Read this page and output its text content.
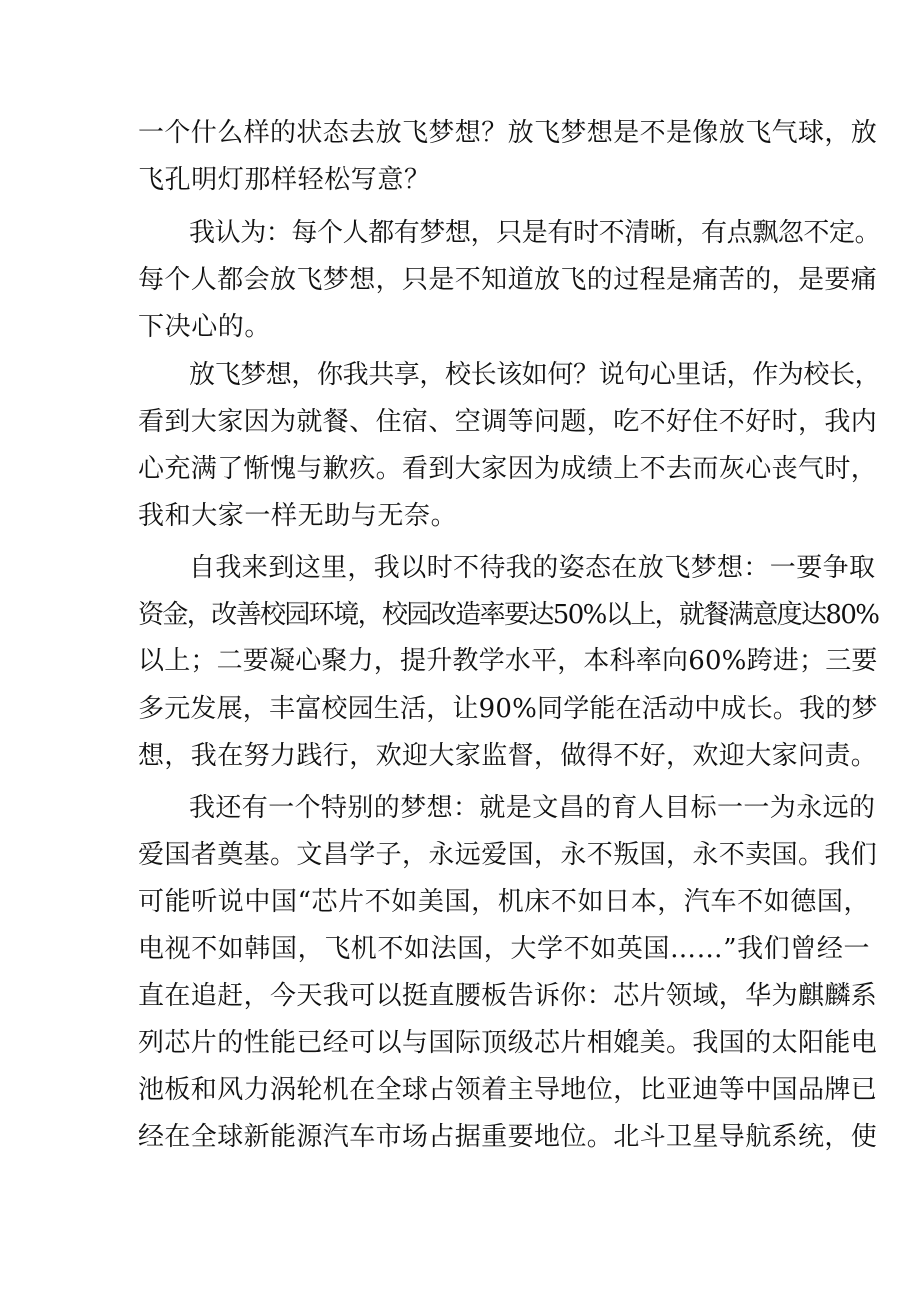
一个什么样的状态去放飞梦想？放飞梦想是不是像放飞气球，放
飞孔明灯那样轻松写意？
我认为：每个人都有梦想，只是有时不清晰，有点飘忽不定。
每个人都会放飞梦想，只是不知道放飞的过程是痛苦的，是要痛
下决心的。
放飞梦想，你我共享，校长该如何？说句心里话，作为校长，
看到大家因为就餐、住宿、空调等问题，吃不好住不好时，我内
心充满了惭愧与歉疚。看到大家因为成绩上不去而灰心丧气时，
我和大家一样无助与无奈。
自我来到这里，我以时不待我的姿态在放飞梦想：一要争取
资金，改善校园环境，校园改造率要达50%以上，就餐满意度达80%
以上；二要凝心聚力，提升教学水平，本科率向60%跨进；三要
多元发展，丰富校园生活，让90%同学能在活动中成长。我的梦
想，我在努力践行，欢迎大家监督，做得不好，欢迎大家问责。
我还有一个特别的梦想：就是文昌的育人目标一一为永远的
爱国者奠基。文昌学子，永远爱国，永不叛国，永不卖国。我们
可能听说中国“芯片不如美国，机床不如日本，汽车不如德国，
电视不如韩国，飞机不如法国，大学不如英国……”我们曾经一
直在追赶，今天我可以挺直腰板告诉你：芯片领域，华为麒麟系
列芯片的性能已经可以与国际顶级芯片相媲美。我国的太阳能电
池板和风力涡轮机在全球占领着主导地位，比亚迪等中国品牌已
经在全球新能源汽车市场占据重要地位。北斗卫星导航系统，使
